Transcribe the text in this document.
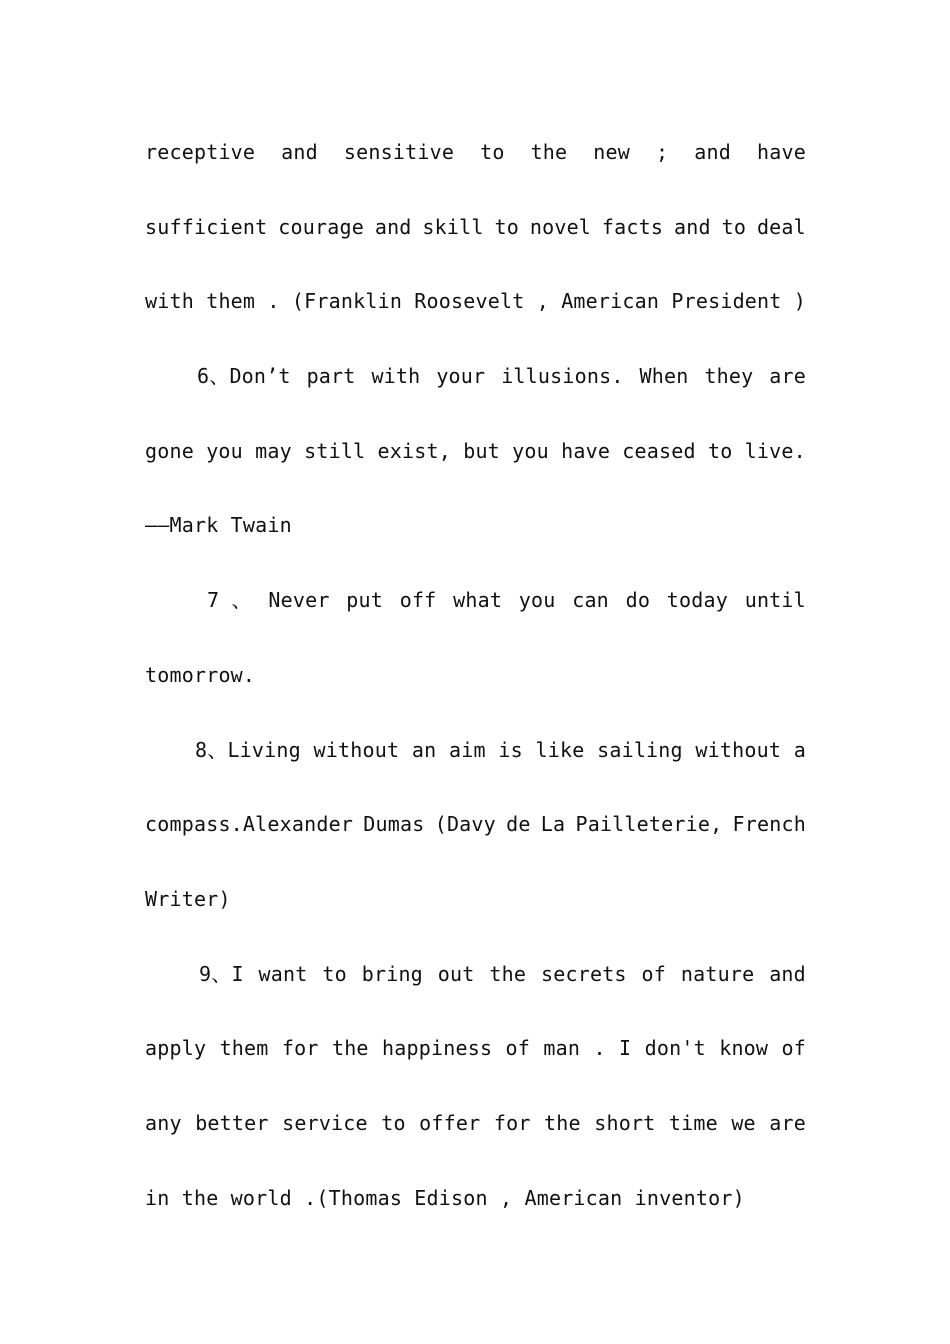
receptive and sensitive to the new ; and have
sufficient courage and skill to novel facts and to deal
with them . (Franklin Roosevelt , American President )
6、Don’t part with your illusions. When they are
gone you may still exist, but you have ceased to live.
——Mark Twain
7 、 Never put off what you can do today until
tomorrow.
8、Living without an aim is like sailing without a
compass.Alexander Dumas (Davy de La Pailleterie, French
Writer)
9、I want to bring out the secrets of nature and
apply them for the happiness of man . I don't know of
any better service to offer for the short time we are
in the world .(Thomas Edison , American inventor)
